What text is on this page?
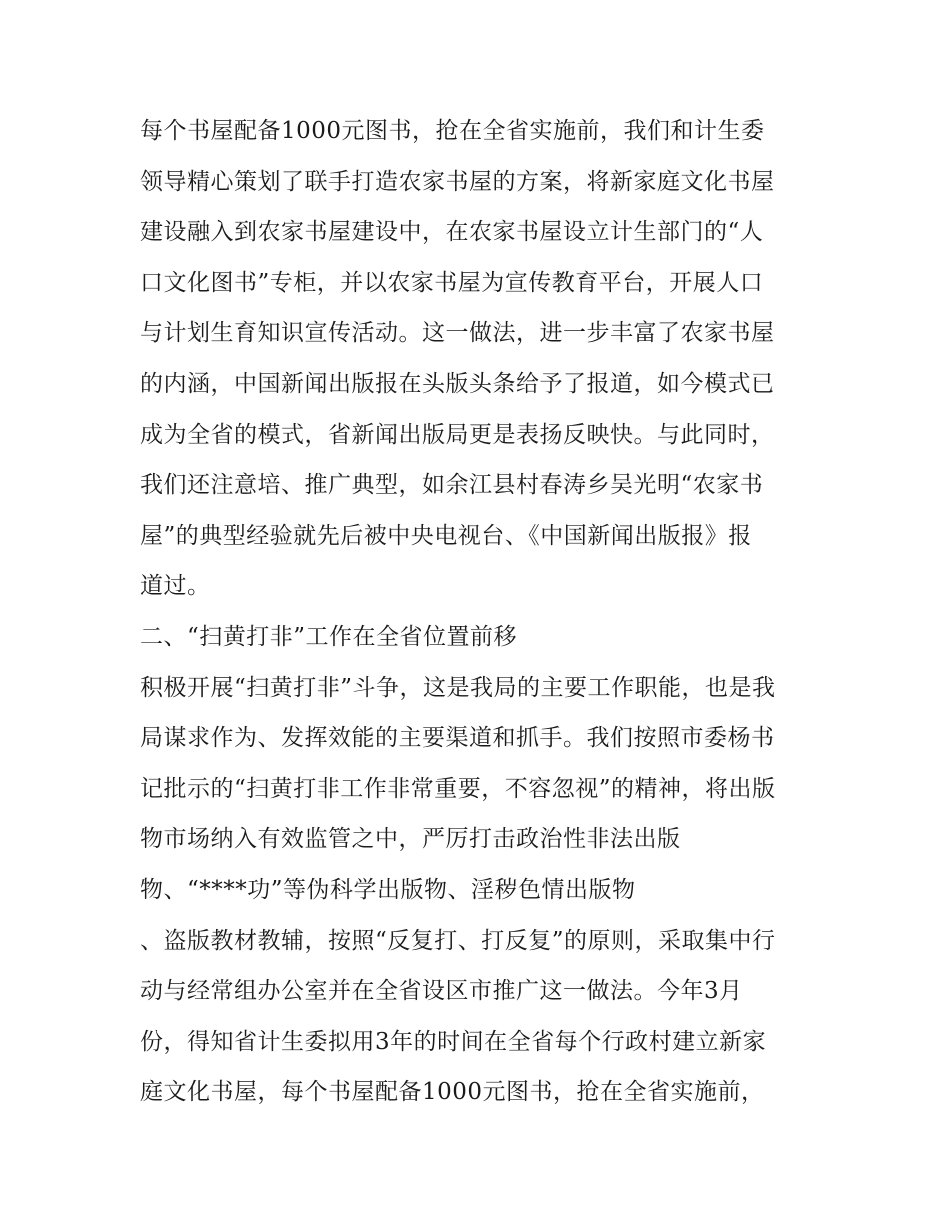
每个书屋配备1000元图书，抢在全省实施前，我们和计生委
领导精心策划了联手打造农家书屋的方案，将新家庭文化书屋
建设融入到农家书屋建设中，在农家书屋设立计生部门的“人
口文化图书”专柜，并以农家书屋为宣传教育平台，开展人口
与计划生育知识宣传活动。这一做法，进一步丰富了农家书屋
的内涵，中国新闻出版报在头版头条给予了报道，如今模式已
成为全省的模式，省新闻出版局更是表扬反映快。与此同时，
我们还注意培、推广典型，如余江县村春涛乡吴光明“农家书
屋”的典型经验就先后被中央电视台、《中国新闻出版报》报
道过。
二、“扫黄打非”工作在全省位置前移
积极开展“扫黄打非”斗争，这是我局的主要工作职能，也是我
局谋求作为、发挥效能的主要渠道和抓手。我们按照市委杨书
记批示的“扫黄打非工作非常重要，不容忽视”的精神，将出版
物市场纳入有效监管之中，严厉打击政治性非法出版
物、“****功”等伪科学出版物、淫秽色情出版物
、盗版教材教辅，按照“反复打、打反复”的原则，采取集中行
动与经常组办公室并在全省设区市推广这一做法。今年3月
份，得知省计生委拟用3年的时间在全省每个行政村建立新家
庭文化书屋，每个书屋配备1000元图书，抢在全省实施前，
